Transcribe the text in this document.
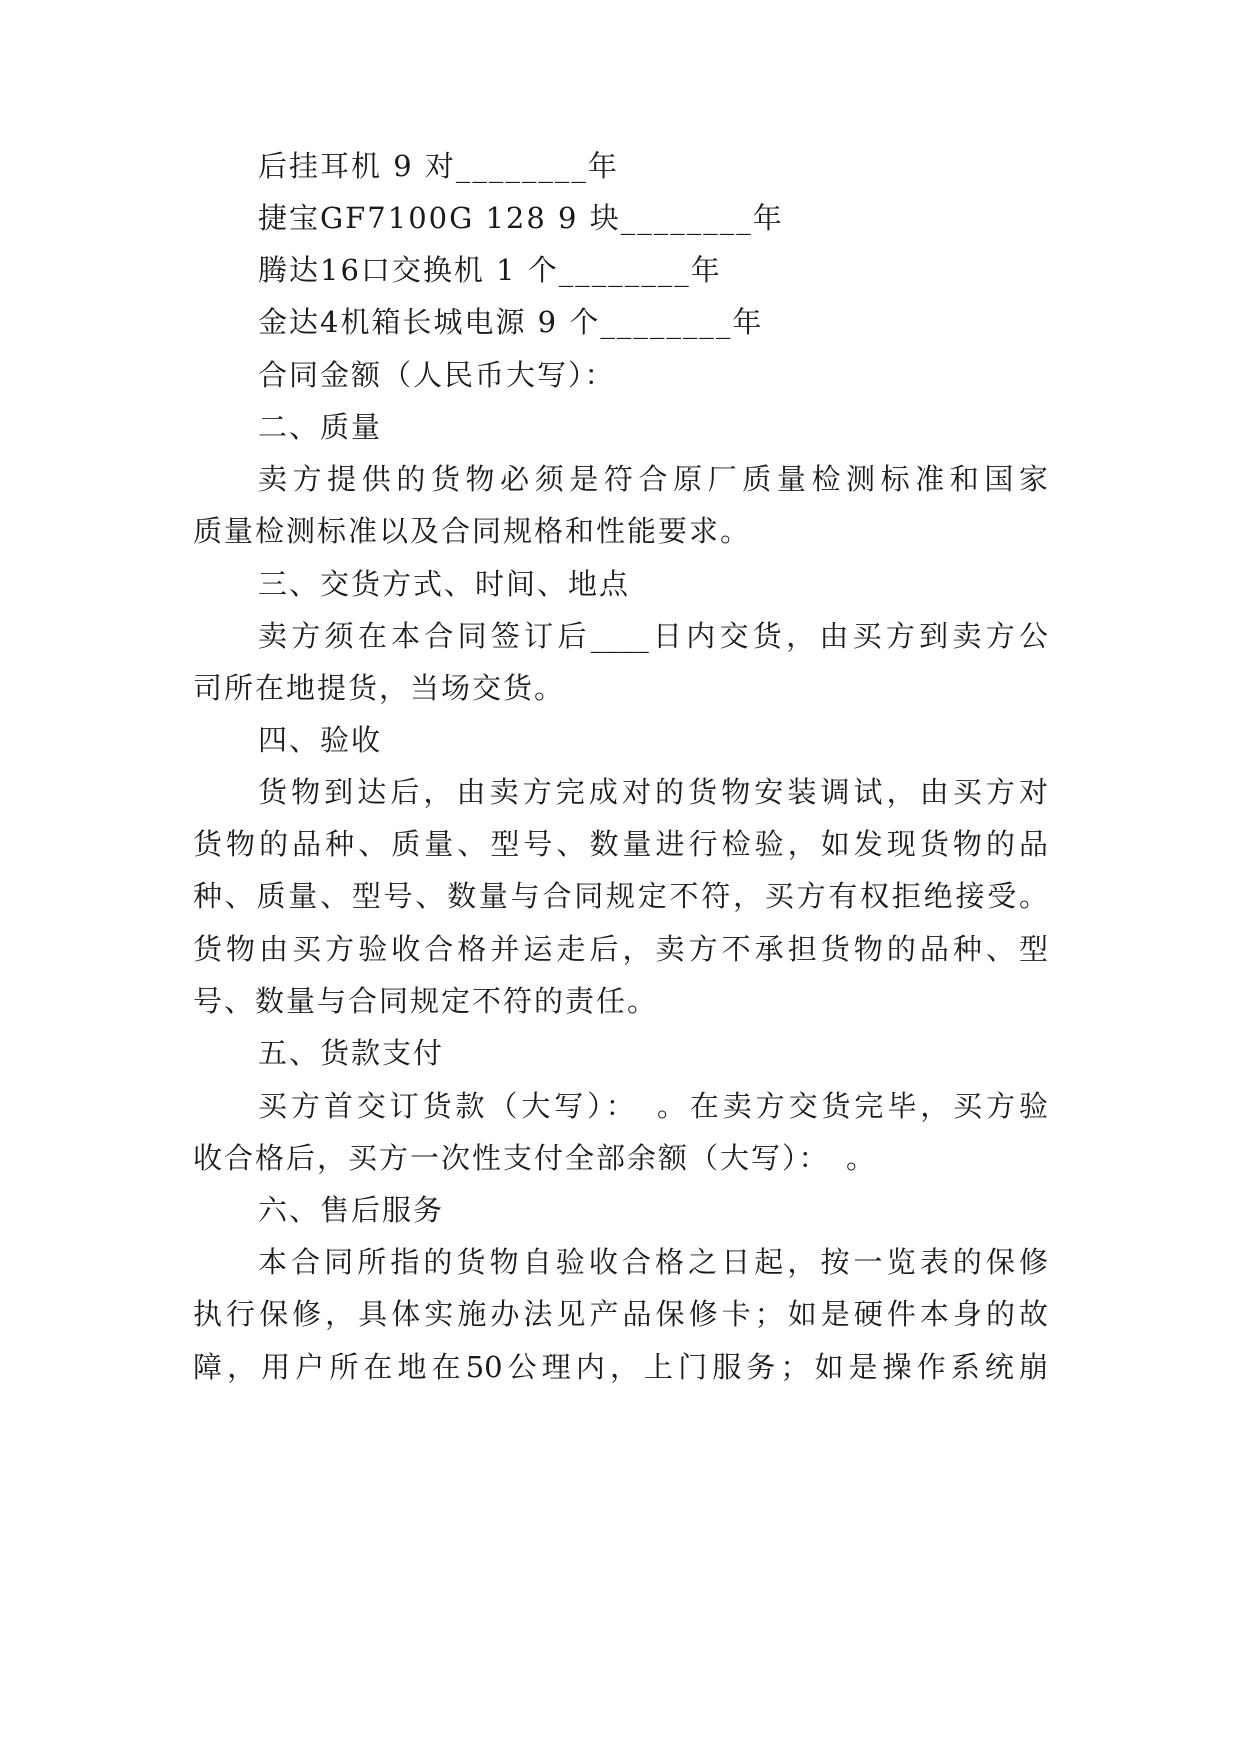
后挂耳机 9 对________年
捷宝GF7100G 128 9 块________年
腾达16口交换机 1 个________年
金达4机箱长城电源 9 个________年
合同金额（人民币大写）：
二、质量
卖方提供的货物必须是符合原厂质量检测标准和国家
质量检测标准以及合同规格和性能要求。
三、交货方式、时间、地点
卖方须在本合同签订后____日内交货，由买方到卖方公
司所在地提货，当场交货。
四、验收
货物到达后，由卖方完成对的货物安装调试，由买方对
货物的品种、质量、型号、数量进行检验，如发现货物的品
种、质量、型号、数量与合同规定不符，买方有权拒绝接受。
货物由买方验收合格并运走后，卖方不承担货物的品种、型
号、数量与合同规定不符的责任。
五、货款支付
买方首交订货款（大写）：　。在卖方交货完毕，买方验
收合格后，买方一次性支付全部余额（大写）：　。
六、售后服务
本合同所指的货物自验收合格之日起，按一览表的保修
执行保修，具体实施办法见产品保修卡；如是硬件本身的故
障，用户所在地在50公理内，上门服务；如是操作系统崩
